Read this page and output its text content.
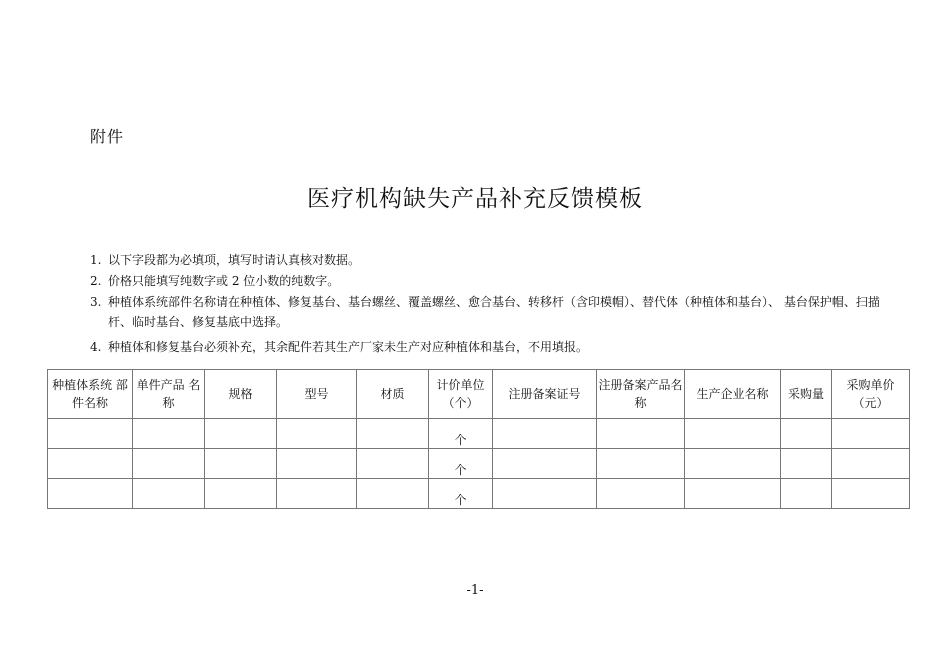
附件
医疗机构缺失产品补充反馈模板
1. 以下字段都为必填项，填写时请认真核对数据。
2. 价格只能填写纯数字或 2 位小数的纯数字。
3. 种植体系统部件名称请在种植体、修复基台、基台螺丝、覆盖螺丝、愈合基台、转移杆（含印模帽）、替代体（种植体和基台）、 基台保护帽、扫描杆、临时基台、修复基底中选择。
4. 种植体和修复基台必须补充，其余配件若其生产厂家未生产对应种植体和基台，不用填报。
种植体系统 部件名称	单件产品 名称	规格	型号	材质	计价单位（个）	注册备案证号	注册备案产品名称	生产企业名称	采购量	采购单价（元）
					个					
					个					
					个					
-1-
